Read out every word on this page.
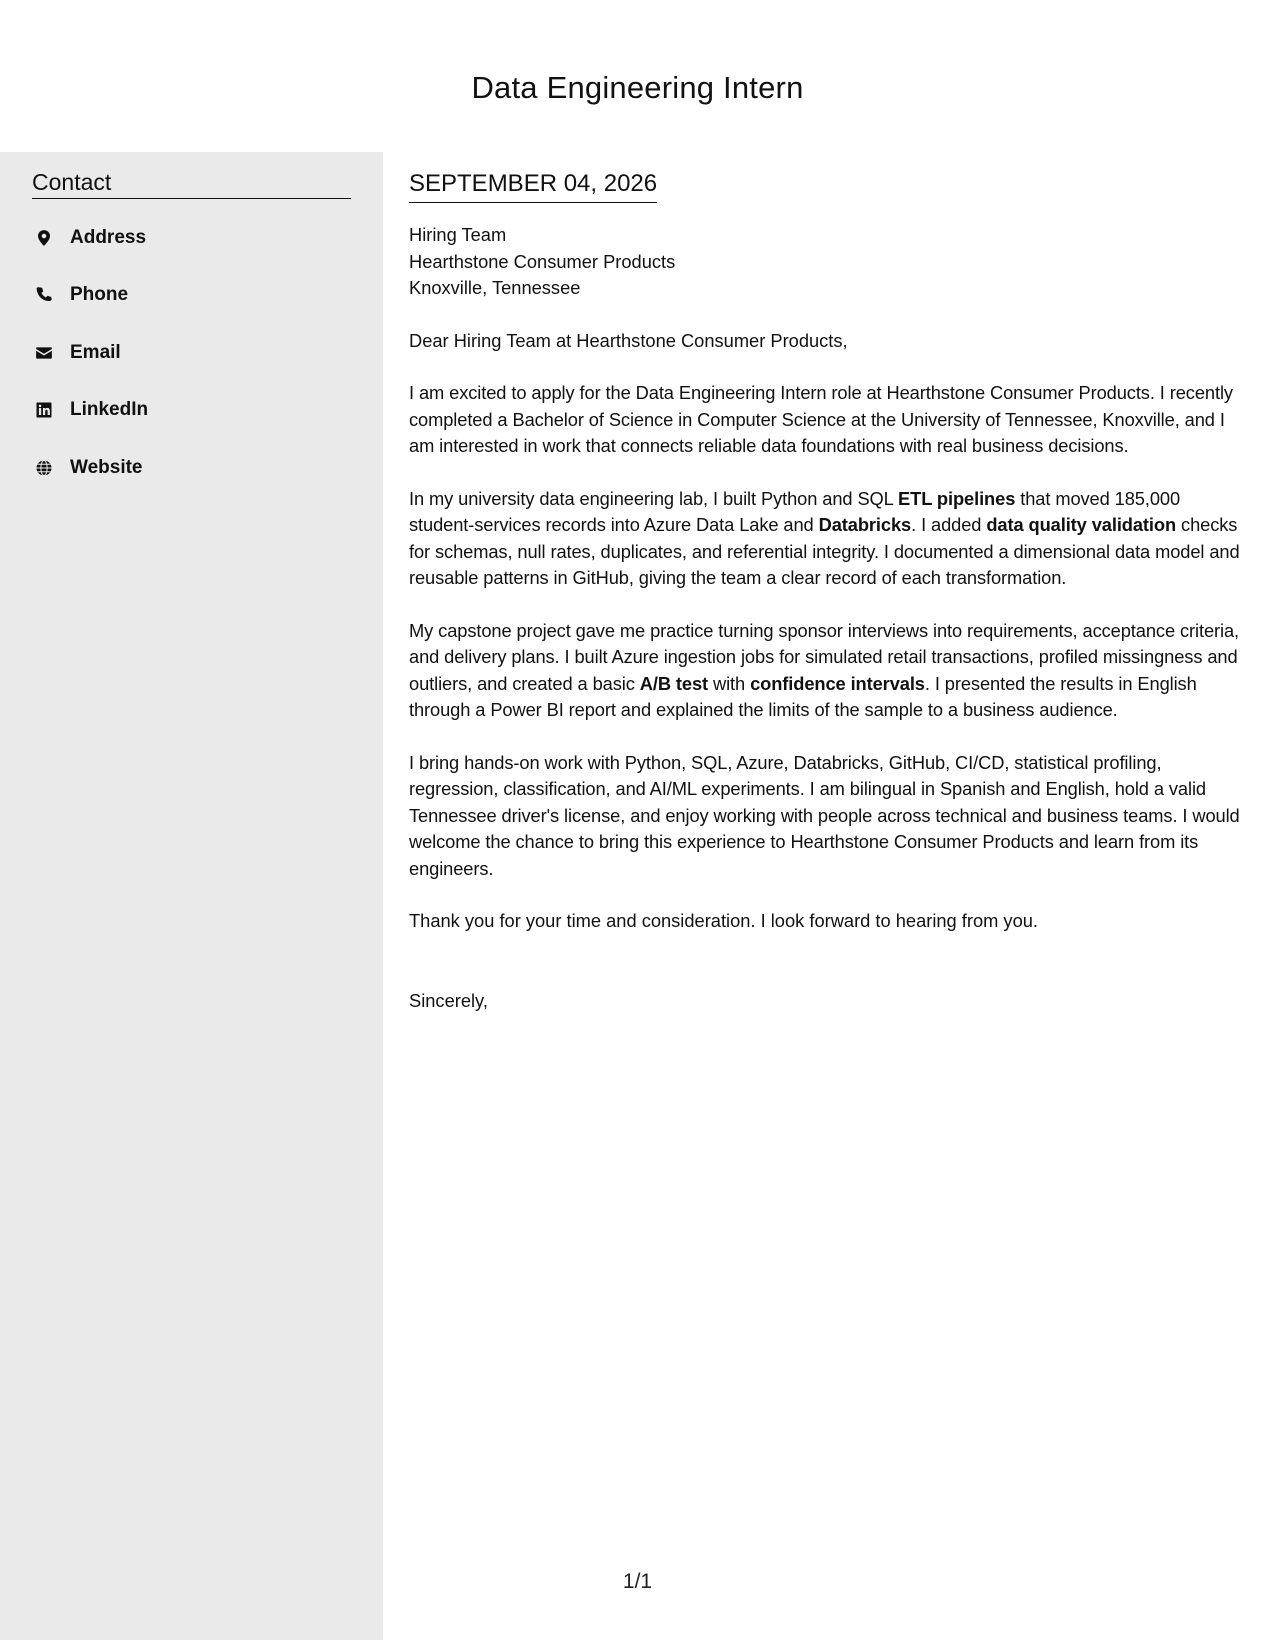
Data Engineering Intern
Contact
Address
Phone
Email
LinkedIn
Website
SEPTEMBER 04, 2026
Hiring Team
Hearthstone Consumer Products
Knoxville, Tennessee
Dear Hiring Team at Hearthstone Consumer Products,

I am excited to apply for the Data Engineering Intern role at Hearthstone Consumer Products. I recently completed a Bachelor of Science in Computer Science at the University of Tennessee, Knoxville, and I am interested in work that connects reliable data foundations with real business decisions.

In my university data engineering lab, I built Python and SQL ETL pipelines that moved 185,000 student-services records into Azure Data Lake and Databricks. I added data quality validation checks for schemas, null rates, duplicates, and referential integrity. I documented a dimensional data model and reusable patterns in GitHub, giving the team a clear record of each transformation.

My capstone project gave me practice turning sponsor interviews into requirements, acceptance criteria, and delivery plans. I built Azure ingestion jobs for simulated retail transactions, profiled missingness and outliers, and created a basic A/B test with confidence intervals. I presented the results in English through a Power BI report and explained the limits of the sample to a business audience.

I bring hands-on work with Python, SQL, Azure, Databricks, GitHub, CI/CD, statistical profiling, regression, classification, and AI/ML experiments. I am bilingual in Spanish and English, hold a valid Tennessee driver's license, and enjoy working with people across technical and business teams. I would welcome the chance to bring this experience to Hearthstone Consumer Products and learn from its engineers.

Thank you for your time and consideration. I look forward to hearing from you.
Sincerely,
1/1
